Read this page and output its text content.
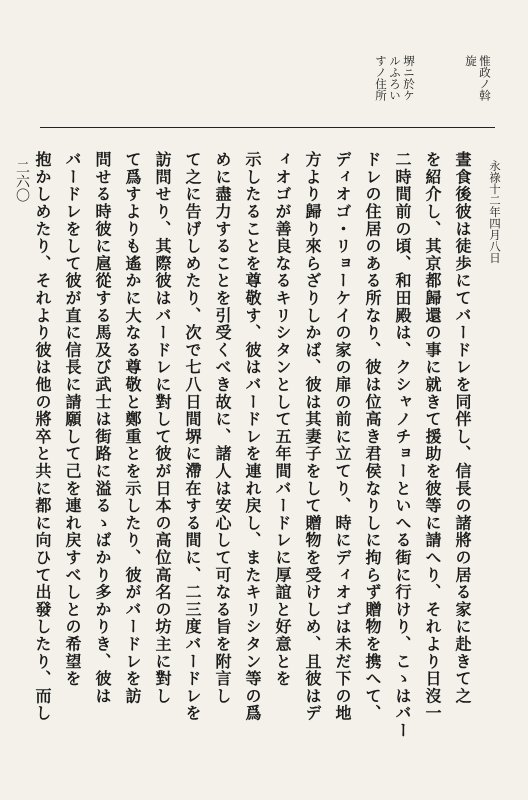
惟政ノ斡
旋
堺ニ於ケ
ルふろい
すノ住所
永祿十二年四月八日
二六〇	晝食後彼は徒歩にてバードレを同伴し、信長の諸將の居る家に赴きて之
を紹介し、其京都歸還の事に就きて援助を彼等に請へり、それより日沒一
二時間前の頃、和田殿は、クシャノチョーといへる街に行けり、こゝはバー
ドレの住居のある所なり、彼は位高き君侯なりしに拘らず贈物を携へて、
ディオゴ・リョーケイの家の扉の前に立てり、時にディオゴは未だ下の地
方より歸り來らざりしかば、彼は其妻子をして贈物を受けしめ、且彼はデ
ィオゴが善良なるキリシタンとして五年間バードレに厚誼と好意とを
示したることを尊敬す、彼はバードレを連れ戻し、またキリシタン等の爲
めに盡力することを引受くべき故に、諸人は安心して可なる旨を附言し
て之に告げしめたり、次で七八日間堺に滯在する間に、二三度バードレを
訪問せり、其際彼はバードレに對して彼が日本の高位高名の坊主に對し
て爲すよりも遙かに大なる尊敬と鄭重とを示したり、彼がバードレを訪
問せる時彼に扈從する馬及び武士は街路に溢るゝばかり多かりき、彼は
バードレをして彼が直に信長に請願して己を連れ戻すべしとの希望を
抱かしめたり、それより彼は他の將卒と共に都に向ひて出發したり、而し
